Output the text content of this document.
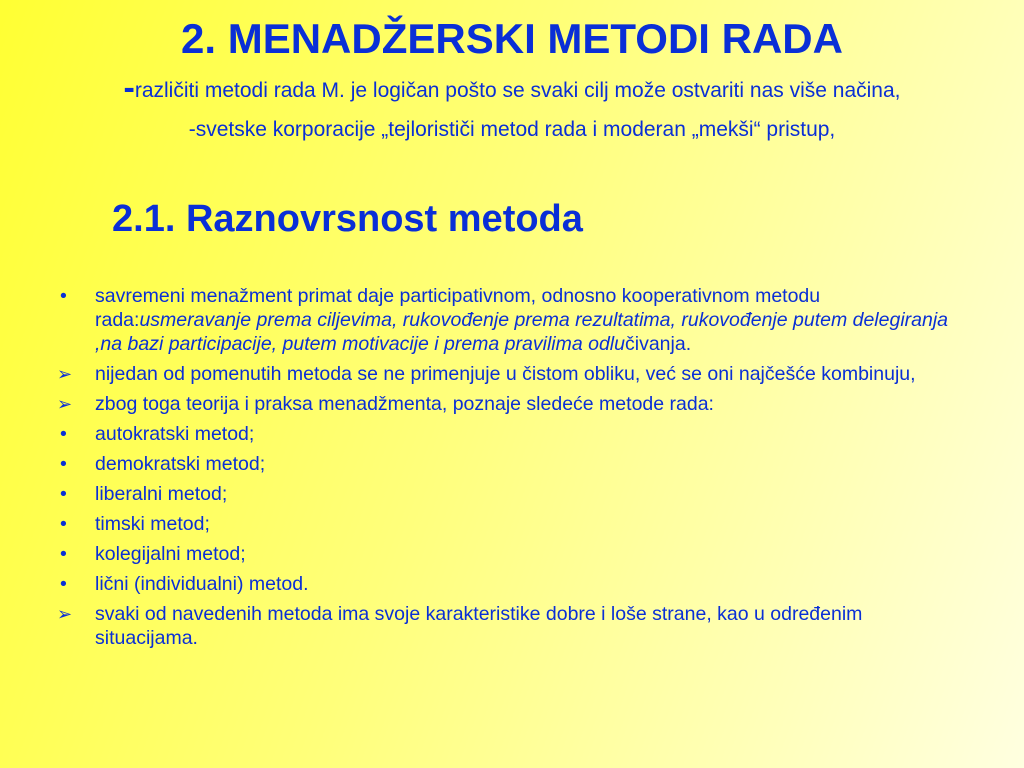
2. MENADŽERSKI METODI RADA

-različiti metodi rada M. je logičan pošto se svaki cilj može ostvariti nas više načina,

-svetske korporacije „tejlorističi metod rada i moderan „mekši“ pristup,

2.1. Raznovrsnost metoda
•	savremeni menažment primat daje participativnom, odnosno kooperativnom metodu rada:usmeravanje prema ciljevima, rukovođenje prema rezultatima, rukovođenje putem delegiranja ,na bazi participacije, putem motivacije i prema pravilima odlučivanja.
➢	nijedan od pomenutih metoda se ne primenjuje u čistom obliku, već se oni najčešće kombinuju,
➢	zbog toga teorija i praksa menadžmenta, poznaje sledeće metode rada:
•	autokratski metod;
•	demokratski metod;
•	liberalni metod;
•	timski metod;
•	kolegijalni metod;
•	lični (individualni) metod.
➢	svaki od navedenih metoda ima svoje karakteristike dobre i loše strane, kao u određenim situacijama.
